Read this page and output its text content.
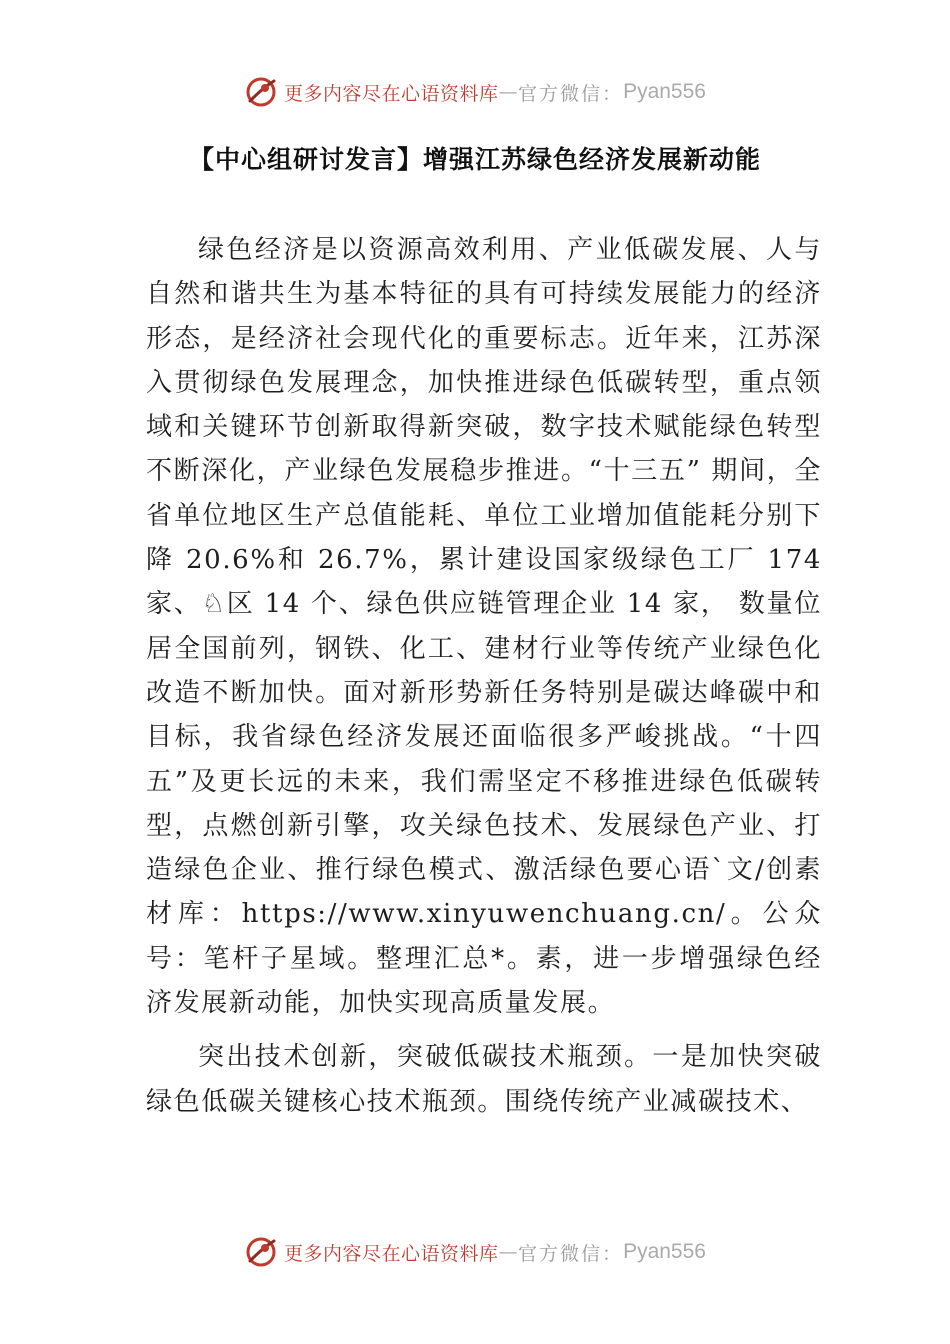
更多内容尽在心语资料库 — 官方微信： Pyan556
【中心组研讨发言】增强江苏绿色经济发展新动能

绿色经济是以资源高效利用、产业低碳发展、人与自然和谐共生为基本特征的具有可持续发展能力的经济形态，是经济社会现代化的重要标志。近年来，江苏深入贯彻绿色发展理念，加快推进绿色低碳转型，重点领域和关键环节创新取得新突破，数字技术赋能绿色转型不断深化，产业绿色发展稳步推进。“十三五” 期间，全省单位地区生产总值能耗、单位工业增加值能耗分别下降 20.6%和 26.7%，累计建设国家级绿色工厂 174 家、♘区 14 个、绿色供应链管理企业 14 家， 数量位居全国前列，钢铁、化工、建材行业等传统产业绿色化改造不断加快。面对新形势新任务特别是碳达峰碳中和目标，我省绿色经济发展还面临很多严峻挑战。“十四五”及更长远的未来，我们需坚定不移推进绿色低碳转型，点燃创新引擎，攻关绿色技术、发展绿色产业、打造绿色企业、推行绿色模式、激活绿色要心语`文/创素材库：https://www.xinyuwenchuang.cn/。公众号：笔杆子星域。整理汇总*。素，进一步增强绿色经济发展新动能，加快实现高质量发展。

突出技术创新，突破低碳技术瓶颈。一是加快突破绿色低碳关键核心技术瓶颈。围绕传统产业减碳技术、

更多内容尽在心语资料库 — 官方微信： Pyan556
